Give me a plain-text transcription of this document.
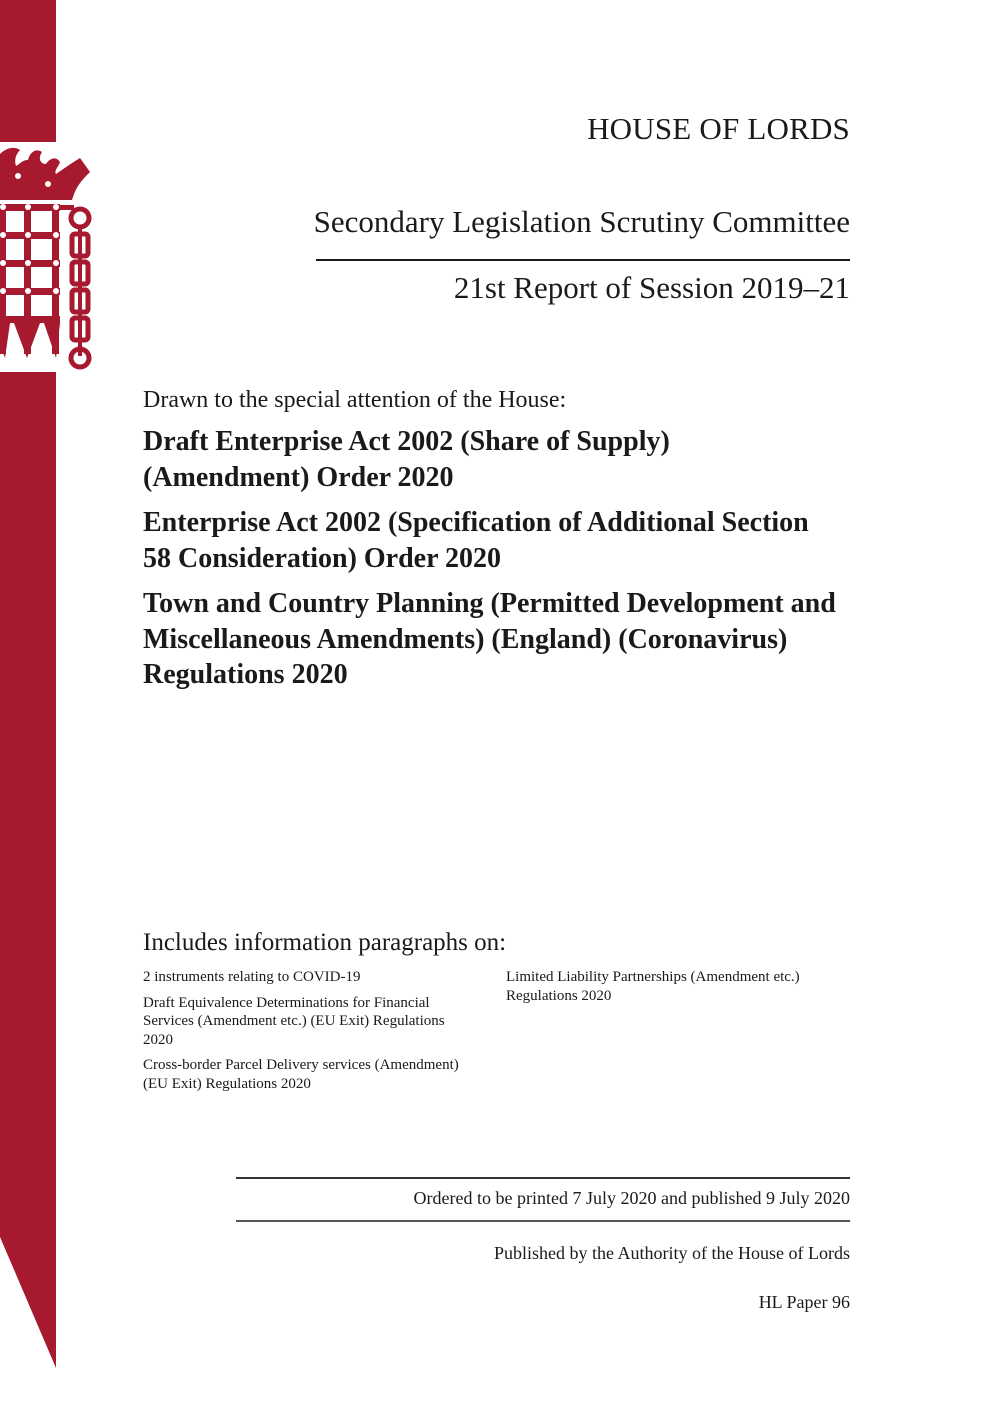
HOUSE OF LORDS
Secondary Legislation Scrutiny Committee
21st Report of Session 2019–21
Drawn to the special attention of the House:
Draft Enterprise Act 2002 (Share of Supply) (Amendment) Order 2020
Enterprise Act 2002 (Specification of Additional Section 58 Consideration) Order 2020
Town and Country Planning (Permitted Development and Miscellaneous Amendments) (England) (Coronavirus) Regulations 2020
Includes information paragraphs on:
2 instruments relating to COVID-19
Draft Equivalence Determinations for Financial Services (Amendment etc.) (EU Exit) Regulations 2020
Cross-border Parcel Delivery services (Amendment) (EU Exit) Regulations 2020
Limited Liability Partnerships (Amendment etc.) Regulations 2020
Ordered to be printed 7 July 2020 and published 9 July 2020
Published by the Authority of the House of Lords
HL Paper 96
